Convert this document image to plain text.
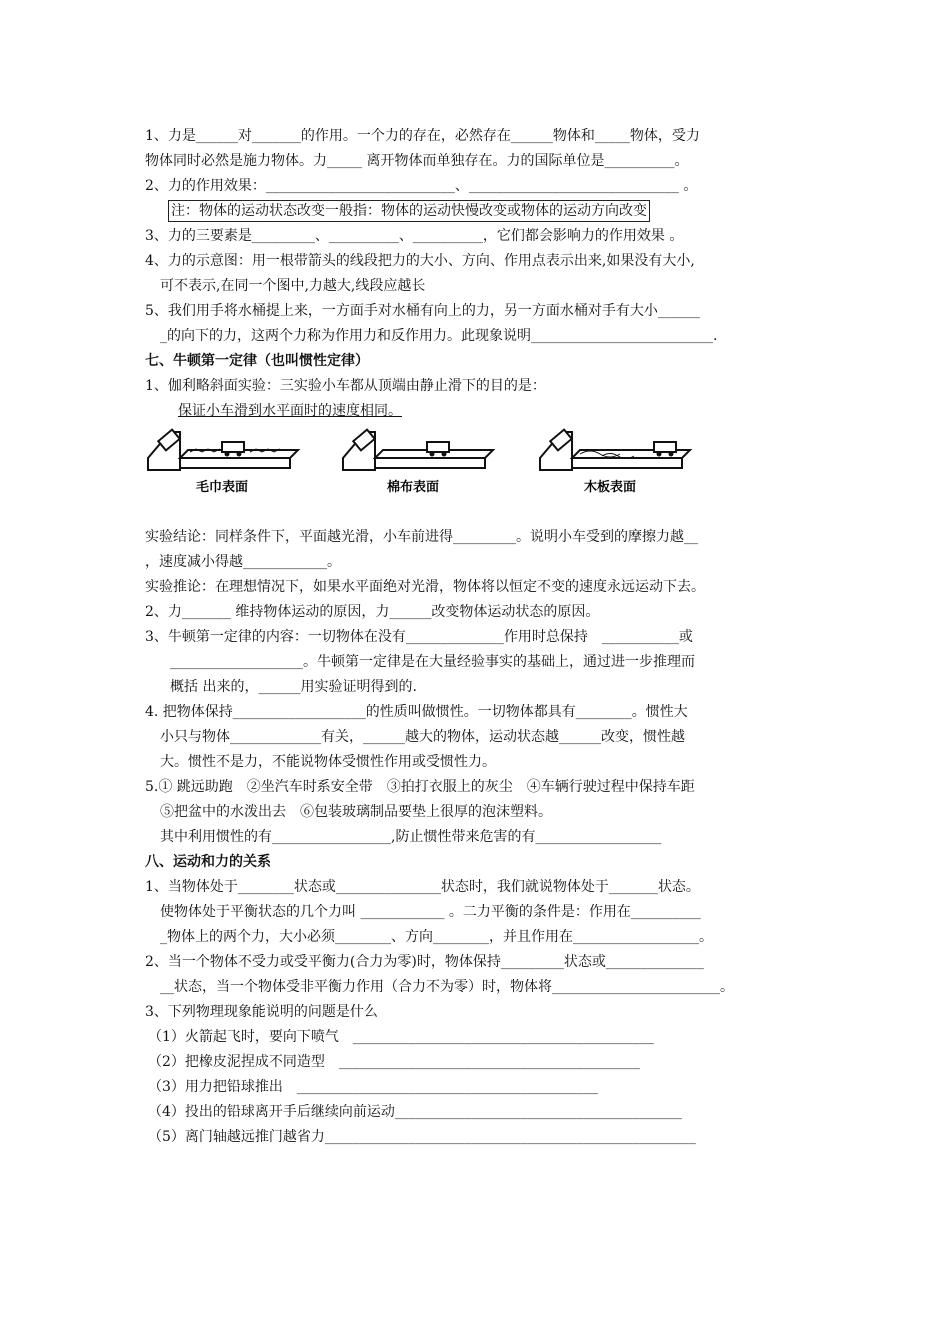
1、力是______对_______的作用。一个力的存在，必然存在______物体和_____物体，受力
物体同时必然是施力物体。力_____ 离开物体而单独存在。力的国际单位是__________。
2、力的作用效果：___________________________、______________________________ 。
注：物体的运动状态改变一般指：物体的运动快慢改变或物体的运动方向改变
3、力的三要素是_________、__________、__________，它们都会影响力的作用效果 。
4、力的示意图：用一根带箭头的线段把力的大小、方向、作用点表示出来,如果没有大小,
可不表示,在同一个图中,力越大,线段应越长
5、我们用手将水桶提上来，一方面手对水桶有向上的力，另一方面水桶对手有大小______
_的向下的力，这两个力称为作用力和反作用力。此现象说明__________________________.
七、牛顿第一定律（也叫惯性定律）
1、伽利略斜面实验：三实验小车都从顶端由静止滑下的目的是：
保证小车滑到水平面时的速度相同。
毛巾表面	棉布表面	木板表面
实验结论：同样条件下，平面越光滑，小车前进得_________。说明小车受到的摩擦力越__
，速度减小得越____________。
实验推论：在理想情况下，如果水平面绝对光滑，物体将以恒定不变的速度永远运动下去。
2、力_______ 维持物体运动的原因，力______改变物体运动状态的原因。
3、牛顿第一定律的内容：一切物体在没有______________作用时总保持　___________或
___________________。牛顿第一定律是在大量经验事实的基础上，通过进一步推理而
概括 出来的，______用实验证明得到的.
4. 把物体保持___________________的性质叫做惯性。一切物体都具有________。惯性大
小只与物体_____________有关，______越大的物体，运动状态越______改变，惯性越
大。惯性不是力，不能说物体受惯性作用或受惯性力。
5.① 跳远助跑　②坐汽车时系安全带　③拍打衣服上的灰尘　④车辆行驶过程中保持车距
⑤把盆中的水泼出去　⑥包装玻璃制品要垫上很厚的泡沫塑料。
其中利用惯性的有_________________,防止惯性带来危害的有__________________
八、运动和力的关系
1、当物体处于________状态或_______________状态时，我们就说物体处于_______状态。
使物体处于平衡状态的几个力叫 ____________ 。二力平衡的条件是：作用在__________
_物体上的两个力，大小必须________、方向________，并且作用在__________________。
2、当一个物体不受力或受平衡力(合力为零)时，物体保持_________状态或______________
__状态，当一个物体受非平衡力作用（合力不为零）时，物体将________________________。
3、下列物理现象能说明的问题是什么
（1）火箭起飞时，要向下喷气　___________________________________________
（2）把橡皮泥捏成不同造型　___________________________________________
（3）用力把铅球推出　___________________________________________
（4）投出的铅球离开手后继续向前运动_________________________________________
（5）离门轴越远推门越省力_____________________________________________________
